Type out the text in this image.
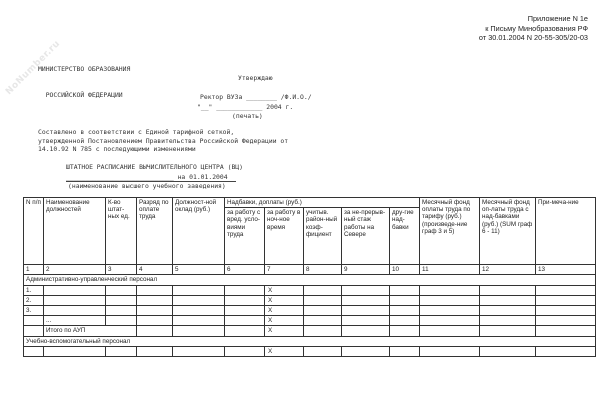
NoNumber.ru
Приложение N 1е
к Письму Минобразования РФ
от 30.01.2004 N 20-55-305/20-03

МИНИСТЕРСТВО ОБРАЗОВАНИЯ

РОССИЙСКОЙ ФЕДЕРАЦИИ

Утверждаю
Ректор ВУЗа ________ /Ф.И.О./
"__" ____________ 2004 г.
(печать)
Составлено в соответствии с Единой тарифной сеткой,
утвержденной Постановлением Правительства Российской Федерации от
14.10.92 N 785 с последующими изменениями
ШТАТНОЕ РАСПИСАНИЕ ВЫЧИСЛИТЕЛЬНОГО ЦЕНТРА (ВЦ)
____________________________ на 01.01.2004
(наименование высшего учебного заведения)
N п/п	Наименование должностей	К-во штат-ных ед.	Разряд по оплате труда	Должност-ной оклад (руб.)	Надбавки, доплаты (руб.)					Месячный фонд оплаты труда по тарифу (руб.) (произведе-ние граф 3 и 5)	Месячный фонд оп-латы труда с над-бавками (руб.) (SUM граф 6 - 11)	При-меча-ние
					за работу с вред. усло-виями труда	за работу в ноч-ное время	учитыв. район-ный коэф-фициент	за не-прерыв-ный стаж работы на Севере	дру-гие над-бавки			
1	2	3	4	5	6	7	8	9	10	11	12	13
Административно-управленческий персонал												
1.						X						
2.						X						
3.						X						
	...					X						
	Итого по АУП					X						
Учебно-вспомогательный персонал												
						X						
